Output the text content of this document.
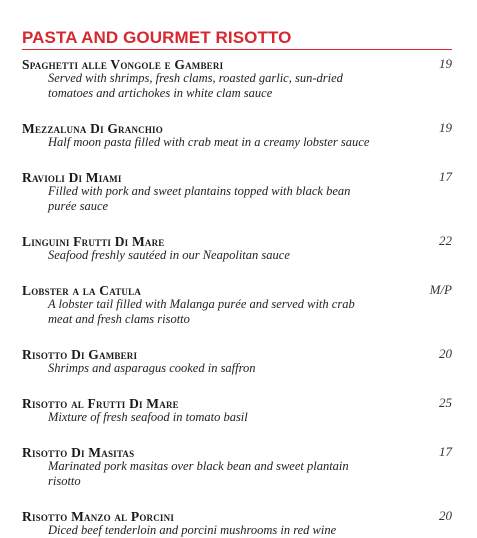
PASTA AND GOURMET RISOTTO
Spaghetti alle Vongole e Gamberi	19
Served with shrimps, fresh clams, roasted garlic, sun-dried
tomatoes and artichokes in white clam sauce
Mezzaluna Di Granchio	19
Half moon pasta filled with crab meat in a creamy lobster sauce
Ravioli Di Miami	17
Filled with pork and sweet plantains topped with black bean
purée sauce
Linguini Frutti Di Mare	22
Seafood freshly sautéed in our Neapolitan sauce
Lobster a la Catula	M/P
A lobster tail filled with Malanga purée and served with crab
meat and fresh clams risotto
Risotto Di Gamberi	20
Shrimps and asparagus cooked in saffron
Risotto al Frutti Di Mare	25
Mixture of fresh seafood in tomato basil
Risotto Di Masitas	17
Marinated pork masitas over black bean and sweet plantain
risotto
Risotto Manzo al Porcini	20
Diced beef tenderloin and porcini mushrooms in red wine
